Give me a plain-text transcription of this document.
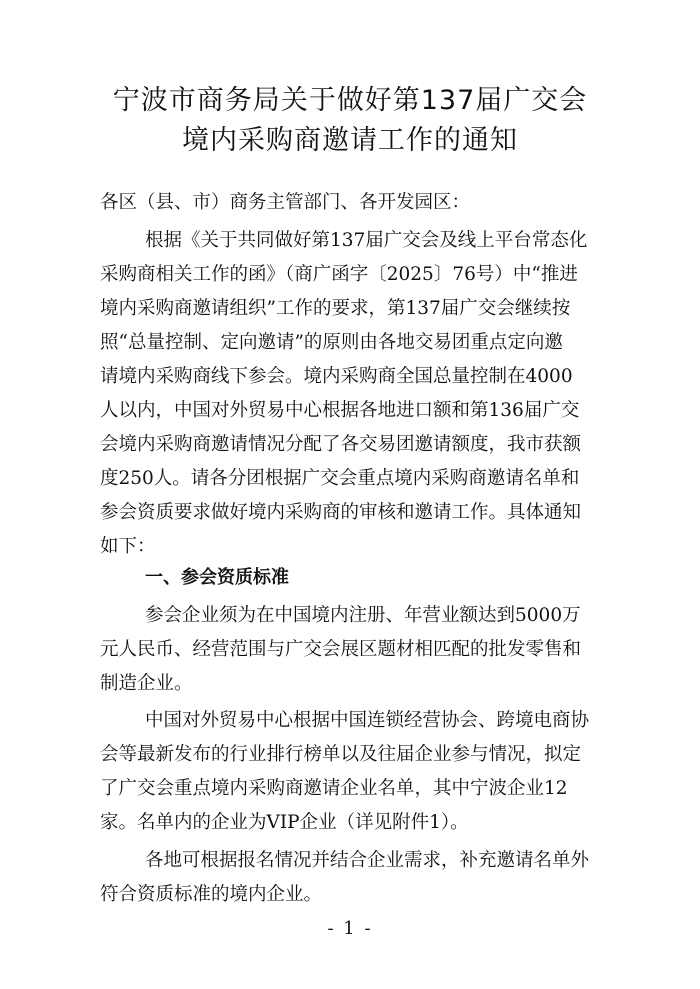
宁波市商务局关于做好第137届广交会
境内采购商邀请工作的通知
各区（县、市）商务主管部门、各开发园区：
根据《关于共同做好第137届广交会及线上平台常态化
采购商相关工作的函》（商广函字〔2025〕76号）中“推进
境内采购商邀请组织”工作的要求，第137届广交会继续按
照“总量控制、定向邀请”的原则由各地交易团重点定向邀
请境内采购商线下参会。境内采购商全国总量控制在4000
人以内，中国对外贸易中心根据各地进口额和第136届广交
会境内采购商邀请情况分配了各交易团邀请额度，我市获额
度250人。请各分团根据广交会重点境内采购商邀请名单和
参会资质要求做好境内采购商的审核和邀请工作。具体通知
如下：
一、参会资质标准
参会企业须为在中国境内注册、年营业额达到5000万
元人民币、经营范围与广交会展区题材相匹配的批发零售和
制造企业。
中国对外贸易中心根据中国连锁经营协会、跨境电商协
会等最新发布的行业排行榜单以及往届企业参与情况，拟定
了广交会重点境内采购商邀请企业名单，其中宁波企业12
家。名单内的企业为VIP企业（详见附件1）。
各地可根据报名情况并结合企业需求，补充邀请名单外
符合资质标准的境内企业。
- 1 -
